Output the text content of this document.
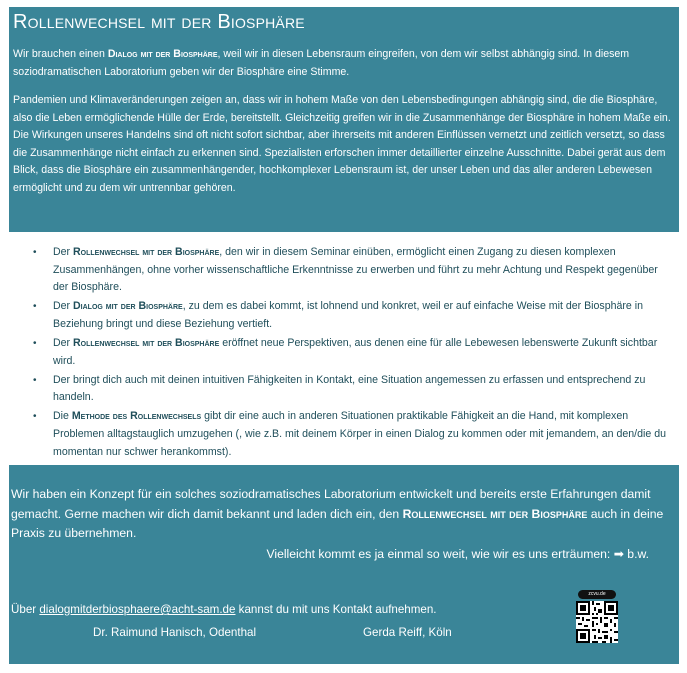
Rollenwechsel mit der Biosphäre

Wir brauchen einen Dialog mit der Biosphäre, weil wir in diesen Lebensraum eingreifen, von dem wir selbst abhängig sind. In diesem soziodramatischen Laboratorium geben wir der Biosphäre eine Stimme.

Pandemien und Klimaveränderungen zeigen an, dass wir in hohem Maße von den Lebensbedingungen abhängig sind, die die Biosphäre, also die Leben ermöglichende Hülle der Erde, bereitstellt. Gleichzeitig greifen wir in die Zusammenhänge der Biosphäre in hohem Maße ein. Die Wirkungen unseres Handelns sind oft nicht sofort sichtbar, aber ihrerseits mit anderen Einflüssen vernetzt und zeitlich versetzt, so dass die Zusammenhänge nicht einfach zu erkennen sind. Spezialisten erforschen immer detaillierter einzelne Ausschnitte. Dabei gerät aus dem Blick, dass die Biosphäre ein zusammenhängender, hochkomplexer Lebensraum ist, der unser Leben und das aller anderen Lebewesen ermöglicht und zu dem wir untrennbar gehören.

• Der Rollenwechsel mit der Biosphäre, den wir in diesem Seminar einüben, ermöglicht einen Zugang zu diesen komplexen Zusammenhängen, ohne vorher wissenschaftliche Erkenntnisse zu erwerben und führt zu mehr Achtung und Respekt gegenüber der Biosphäre.
• Der Dialog mit der Biosphäre, zu dem es dabei kommt, ist lohnend und konkret, weil er auf einfache Weise mit der Biosphäre in Beziehung bringt und diese Beziehung vertieft.
• Der Rollenwechsel mit der Biosphäre eröffnet neue Perspektiven, aus denen eine für alle Lebewesen lebenswerte Zukunft sichtbar wird.
• Der bringt dich auch mit deinen intuitiven Fähigkeiten in Kontakt, eine Situation angemessen zu erfassen und entsprechend zu handeln.
• Die Methode des Rollenwechsels gibt dir eine auch in anderen Situationen praktikable Fähigkeit an die Hand, mit komplexen Problemen alltagstauglich umzugehen (, wie z.B. mit deinem Körper in einen Dialog zu kommen oder mit jemandem, an den/die du momentan nur schwer herankommst).
Wir haben ein Konzept für ein solches soziodramatisches Laboratorium entwickelt und bereits erste Erfahrungen damit gemacht. Gerne machen wir dich damit bekannt und laden dich ein, den Rollenwechsel mit der Biosphäre auch in deine Praxis zu übernehmen.
Vielleicht kommt es ja einmal so weit, wie wir es uns erträumen: ➡ b.w.
Über dialogmitderbiosphaere@acht-sam.de kannst du mit uns Kontakt aufnehmen.
Dr. Raimund Hanisch, Odenthal	Gerda Reiff, Köln
zcvu.de
